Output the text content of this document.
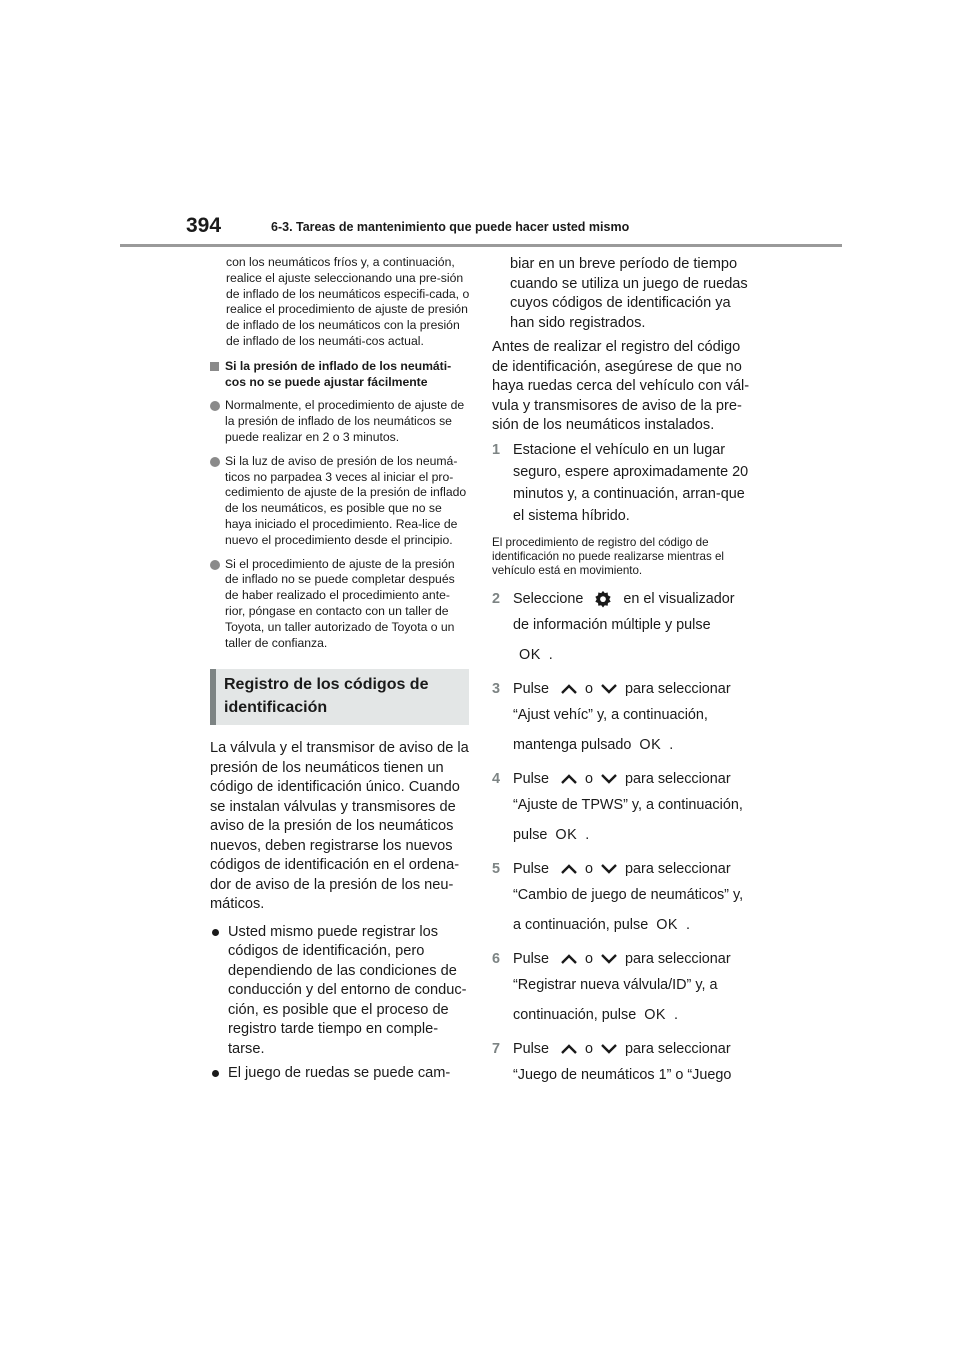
394	6-3. Tareas de mantenimiento que puede hacer usted mismo
con los neumáticos fríos y, a continuación, realice el ajuste seleccionando una pre-sión de inflado de los neumáticos especifi-cada, o realice el procedimiento de ajuste de presión de inflado de los neumáticos con la presión de inflado de los neumáti-cos actual.
Si la presión de inflado de los neumáti-cos no se puede ajustar fácilmente
Normalmente, el procedimiento de ajuste de la presión de inflado de los neumáticos se puede realizar en 2 o 3 minutos.
Si la luz de aviso de presión de los neumá-ticos no parpadea 3 veces al iniciar el pro-cedimiento de ajuste de la presión de inflado de los neumáticos, es posible que no se haya iniciado el procedimiento. Rea-lice de nuevo el procedimiento desde el principio.
Si el procedimiento de ajuste de la presión de inflado no se puede completar después de haber realizado el procedimiento ante-rior, póngase en contacto con un taller de Toyota, un taller autorizado de Toyota o un taller de confianza.
Registro de los códigos de identificación

La válvula y el transmisor de aviso de la presión de los neumáticos tienen un código de identificación único. Cuando se instalan válvulas y transmisores de aviso de la presión de los neumáticos nuevos, deben registrarse los nuevos códigos de identificación en el ordena-dor de aviso de la presión de los neu-máticos.

Usted mismo puede registrar los códigos de identificación, pero dependiendo de las condiciones de conducción y del entorno de conduc-ción, es posible que el proceso de registro tarde tiempo en comple-tarse.
El juego de ruedas se puede cam-
biar en un breve período de tiempo cuando se utiliza un juego de ruedas cuyos códigos de identificación ya han sido registrados.
Antes de realizar el registro del código de identificación, asegúrese de que no haya ruedas cerca del vehículo con vál-vula y transmisores de aviso de la pre-sión de los neumáticos instalados.
1 Estacione el vehículo en un lugar seguro, espere aproximadamente 20 minutos y, a continuación, arran-que el sistema híbrido.
El procedimiento de registro del código de identificación no puede realizarse mientras el vehículo está en movimiento.
2 Seleccione	en el visualizador de información múltiple y pulse
OK .
3 Pulse	o para seleccionar
“Ajust vehíc” y, a continuación,
mantenga pulsado OK .
4 Pulse	o para seleccionar
“Ajuste de TPWS” y, a continuación,
pulse OK .
5 Pulse	o para seleccionar
“Cambio de juego de neumáticos” y,
a continuación, pulse OK .
6 Pulse	o para seleccionar
“Registrar nueva válvula/ID” y, a
continuación, pulse OK .
7 Pulse	o para seleccionar
“Juego de neumáticos 1” o “Juego
